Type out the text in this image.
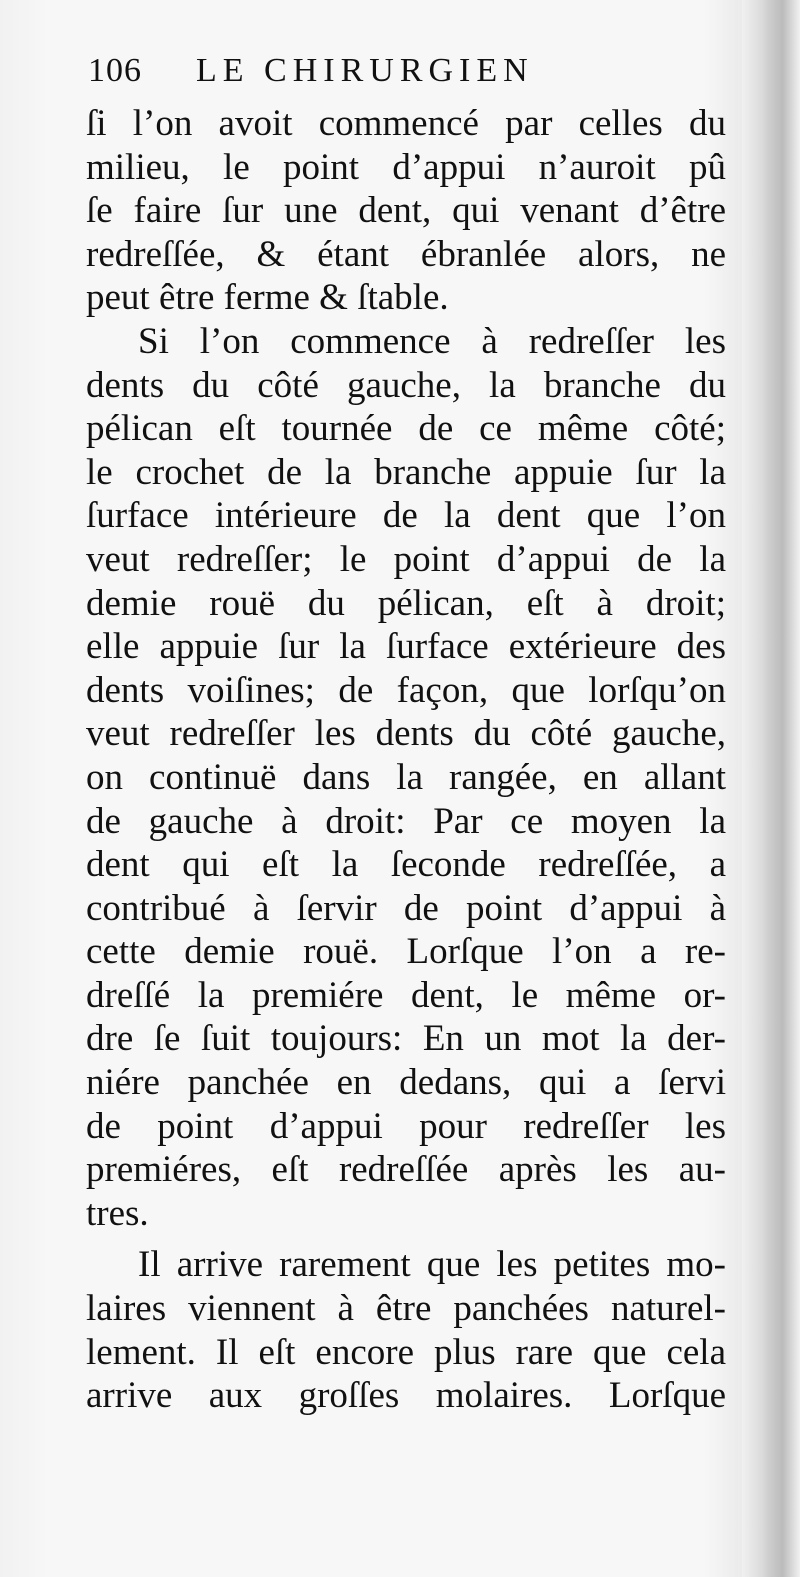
106 LE CHIRURGIEN
ſi l’on avoit commencé par celles du
milieu, le point d’appui n’auroit pû
ſe faire ſur une dent, qui venant d’être
redreſſée, & étant ébranlée alors, ne
peut être ferme & ſtable.
Si l’on commence à redreſſer les
dents du côté gauche, la branche du
pélican eſt tournée de ce même côté;
le crochet de la branche appuie ſur la
ſurface intérieure de la dent que l’on
veut redreſſer; le point d’appui de la
demie rouë du pélican, eſt à droit;
elle appuie ſur la ſurface extérieure des
dents voiſines; de façon, que lorſqu’on
veut redreſſer les dents du côté gauche,
on continuë dans la rangée, en allant
de gauche à droit: Par ce moyen la
dent qui eſt la ſeconde redreſſée, a
contribué à ſervir de point d’appui à
cette demie rouë. Lorſque l’on a re-
dreſſé la premiére dent, le même or-
dre ſe ſuit toujours: En un mot la der-
niére panchée en dedans, qui a ſervi
de point d’appui pour redreſſer les
premiéres, eſt redreſſée après les au-
tres.
Il arrive rarement que les petites mo-
laires viennent à être panchées naturel-
lement. Il eſt encore plus rare que cela
arrive aux groſſes molaires. Lorſque
